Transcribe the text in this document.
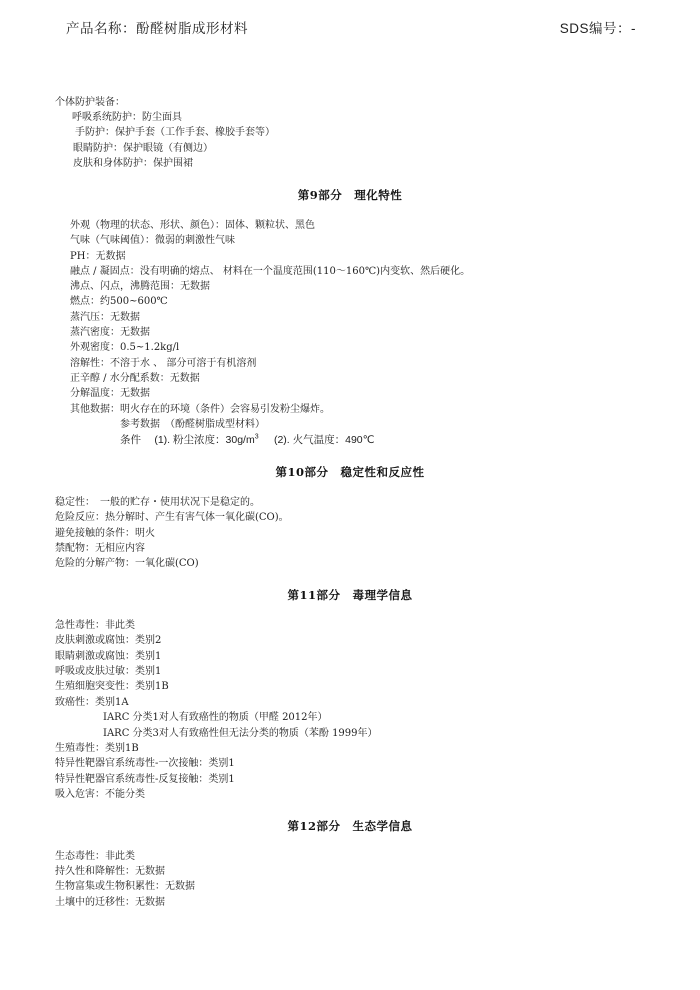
产品名称：酚醛树脂成形材料	SDS编号：-
个体防护装备：
呼吸系统防护：防尘面具
手防护：保护手套（工作手套、橡胶手套等）
眼睛防护：保护眼镜（有侧边）
皮肤和身体防护：保护围裙
第9部分　理化特性
外观（物理的状态、形状、颜色）：固体、颗粒状、黑色
气味（气味阈值）：微弱的刺激性气味
PH：无数据
融点 / 凝固点：没有明确的熔点、 材料在一个温度范围(110～160℃)内变软、然后硬化。
沸点、闪点，沸腾范围：无数据
燃点：约500~600℃
蒸汽压：无数据
蒸汽密度：无数据
外观密度：0.5~1.2kg/l
溶解性：不溶于水 、 部分可溶于有机溶剂
正辛醇 / 水分配系数：无数据
分解温度：无数据
其他数据：明火存在的环境（条件）会容易引发粉尘爆炸。
参考数据　（酚醛树脂成型材料）
条件 (1). 粉尘浓度：$30g/m^3$ (2). 火气温度：490℃
第10部分　稳定性和反应性
稳定性：　一般的贮存・使用状况下是稳定的。
危险反应：热分解时、产生有害气体一氧化碳(CO)。
避免接触的条件：明火
禁配物：无相应内容
危险的分解产物：一氧化碳(CO)
第11部分　毒理学信息
急性毒性：非此类
皮肤刺激或腐蚀：类别2
眼睛刺激或腐蚀：类别1
呼吸或皮肤过敏：类别1
生殖细胞突变性：类别1B
致癌性：类别1A
IARC 分类1对人有致癌性的物质（甲醛 2012年）
IARC 分类3对人有致癌性但无法分类的物质（苯酚 1999年）
生殖毒性：类别1B
特异性靶器官系统毒性-一次接触：类别1
特异性靶器官系统毒性-反复接触：类别1
吸入危害：不能分类
第12部分　生态学信息
生态毒性：非此类
持久性和降解性：无数据
生物富集或生物积累性：无数据
土壤中的迁移性：无数据
